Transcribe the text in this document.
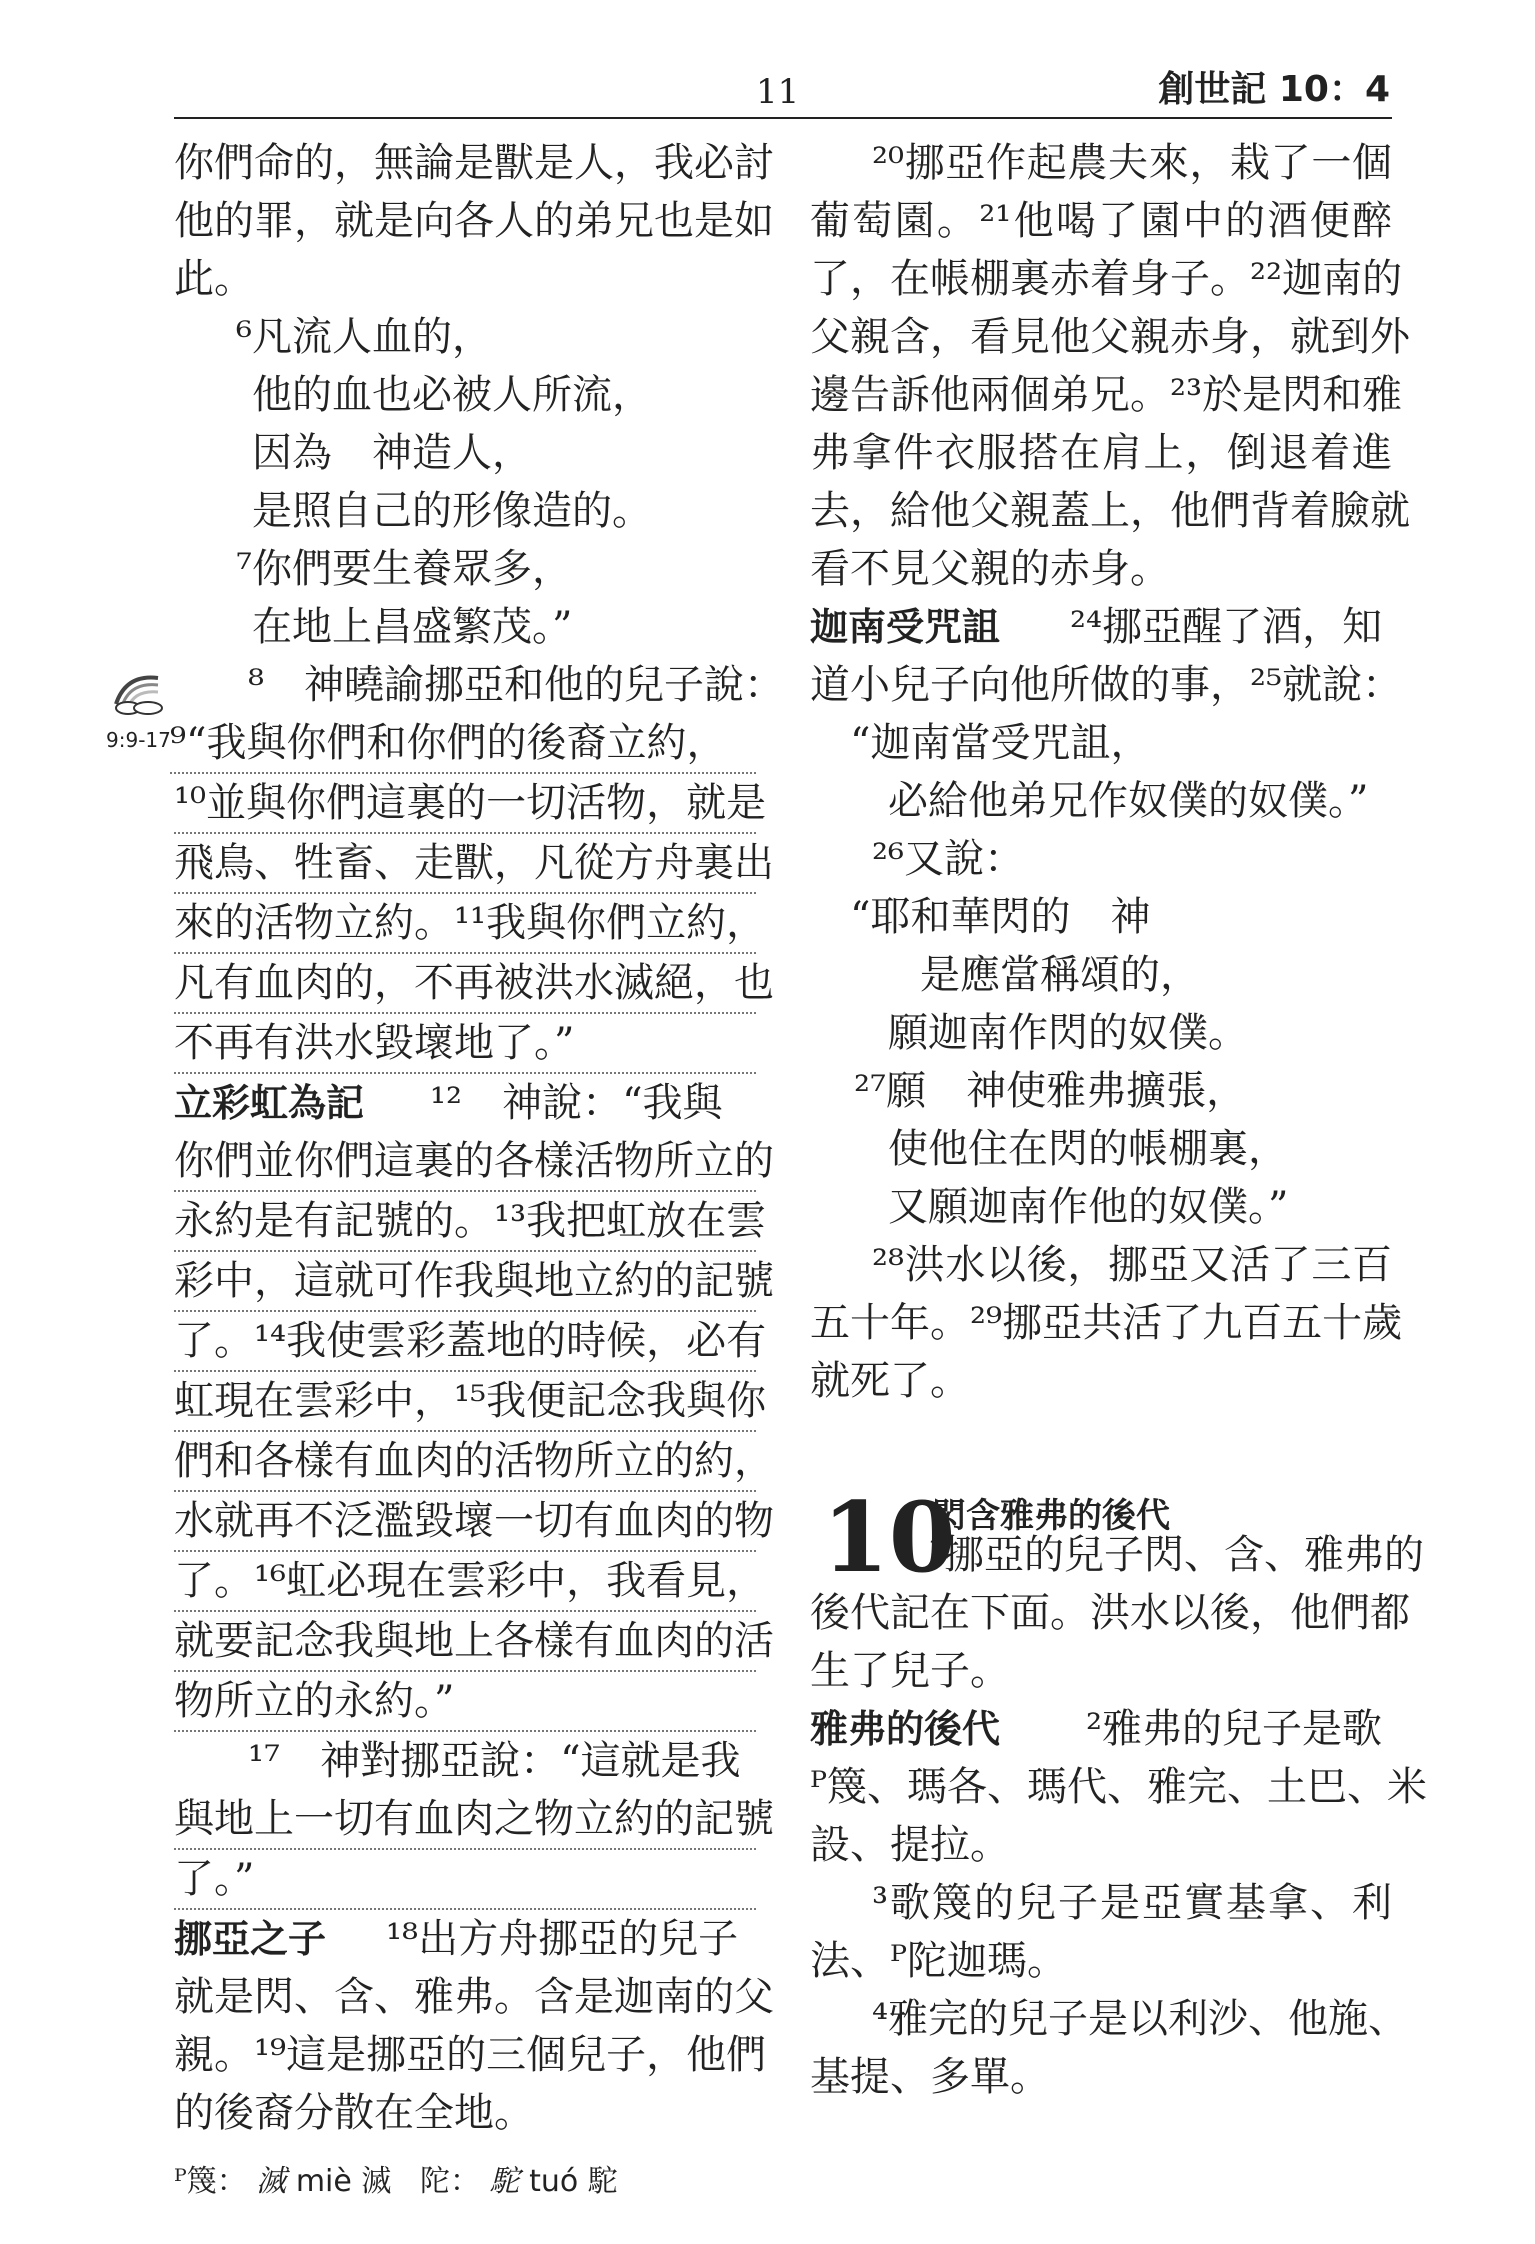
11	創世記 10：4
9:9-17
你們命的，無論是獸是人，我必討
他的罪，就是向各人的弟兄也是如
此。
⁶凡流人血的，
他的血也必被人所流，
因為　神造人，
是照自己的形像造的。
⁷你們要生養眾多，
在地上昌盛繁茂。”
⁸　神曉諭挪亞和他的兒子說：
⁹“我與你們和你們的後裔立約，
¹⁰並與你們這裏的一切活物，就是
飛鳥、牲畜、走獸，凡從方舟裏出
來的活物立約。¹¹我與你們立約，
凡有血肉的，不再被洪水滅絕，也
不再有洪水毀壞地了。”
立彩虹為記 ¹²　神說：“我與
你們並你們這裏的各樣活物所立的
永約是有記號的。¹³我把虹放在雲
彩中，這就可作我與地立約的記號
了。¹⁴我使雲彩蓋地的時候，必有
虹現在雲彩中，¹⁵我便記念我與你
們和各樣有血肉的活物所立的約，
水就再不泛濫毀壞一切有血肉的物
了。¹⁶虹必現在雲彩中，我看見，
就要記念我與地上各樣有血肉的活
物所立的永約。”
¹⁷　神對挪亞說：“這就是我
與地上一切有血肉之物立約的記號
了。”
挪亞之子 ¹⁸出方舟挪亞的兒子
就是閃、含、雅弗。含是迦南的父
親。¹⁹這是挪亞的三個兒子，他們
的後裔分散在全地。
²⁰挪亞作起農夫來，栽了一個
葡萄園。²¹他喝了園中的酒便醉
了，在帳棚裏赤着身子。²²迦南的
父親含，看見他父親赤身，就到外
邊告訴他兩個弟兄。²³於是閃和雅
弗拿件衣服搭在肩上，倒退着進
去，給他父親蓋上，他們背着臉就
看不見父親的赤身。
迦南受咒詛 ²⁴挪亞醒了酒，知
道小兒子向他所做的事，²⁵就說：
“迦南當受咒詛，
必給他弟兄作奴僕的奴僕。”
²⁶又說：
“耶和華閃的　神
是應當稱頌的，
願迦南作閃的奴僕。
²⁷願　神使雅弗擴張，
使他住在閃的帳棚裏，
又願迦南作他的奴僕。”
²⁸洪水以後，挪亞又活了三百
五十年。²⁹挪亞共活了九百五十歲
就死了。
¹挪亞的兒子閃、含、雅弗的
後代記在下面。洪水以後，他們都
生了兒子。
雅弗的後代 ²雅弗的兒子是歌
ᴾ篾、瑪各、瑪代、雅完、土巴、米
設、提拉。
³歌篾的兒子是亞實基拿、利
法、ᴾ陀迦瑪。
⁴雅完的兒子是以利沙、他施、
基提、多單。
10
閃含雅弗的後代
ᴾ篾： 滅 miè 滅 陀： 駝 tuó 駝
